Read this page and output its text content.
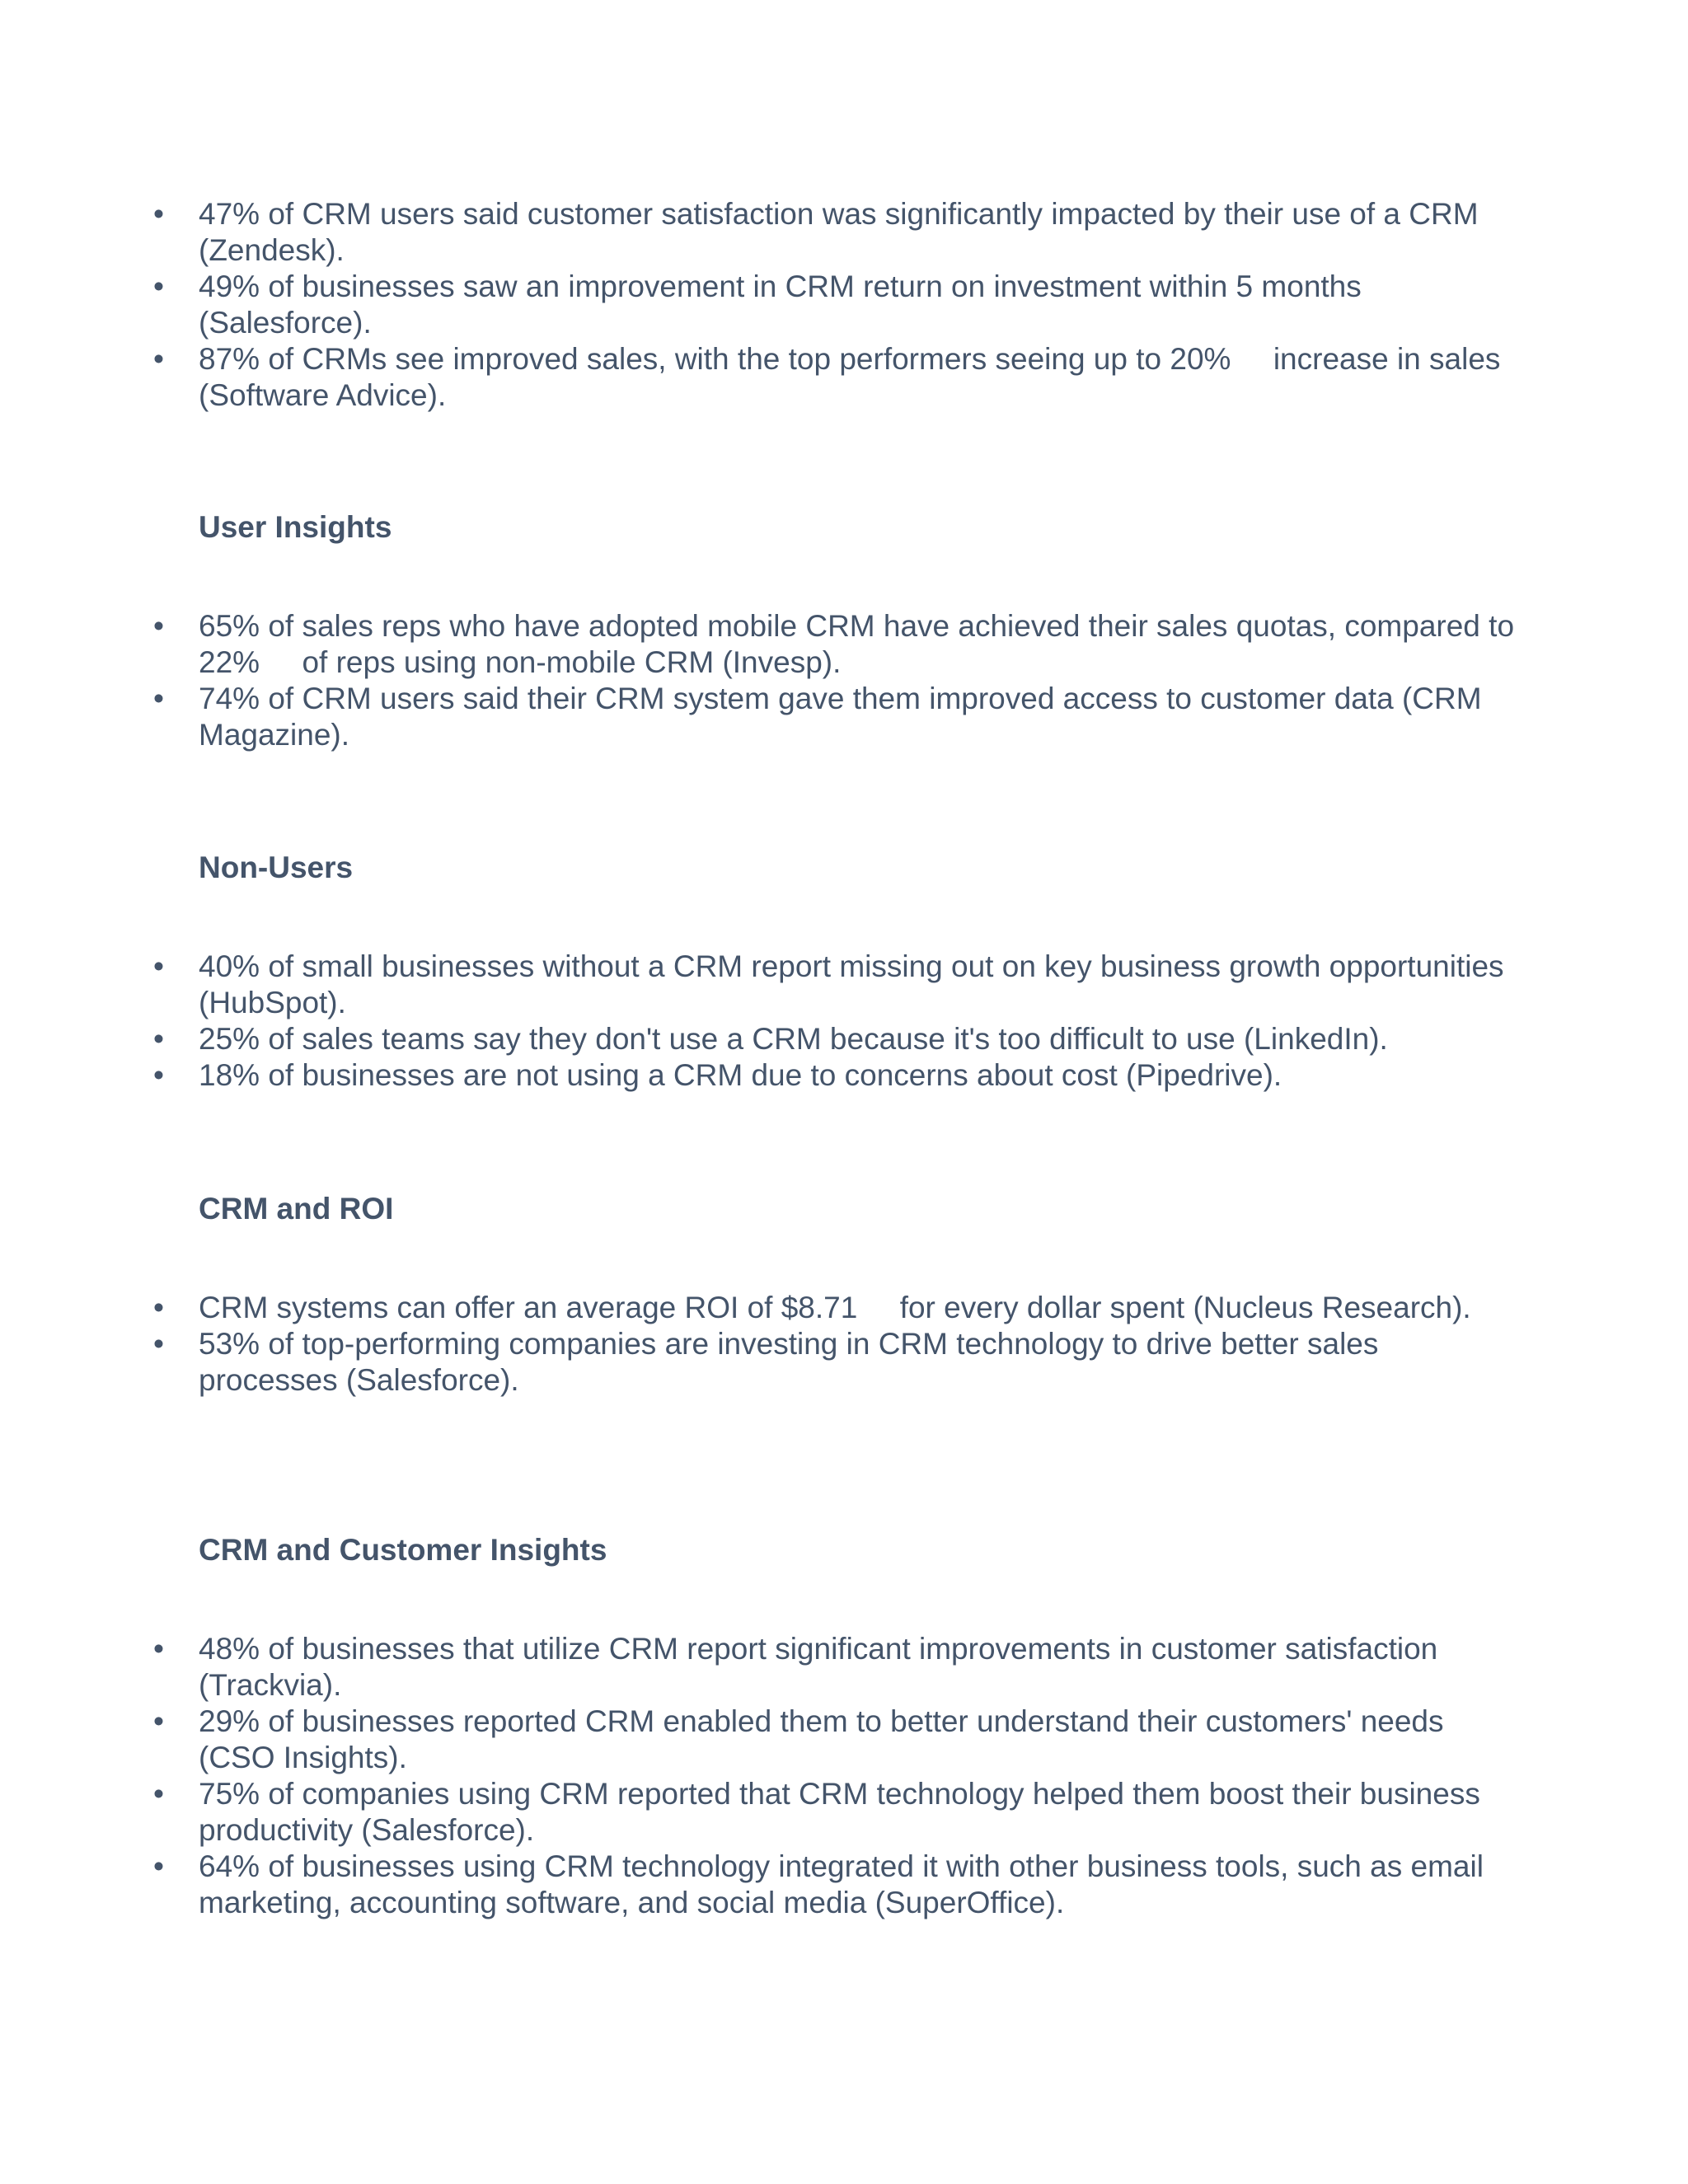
• 47% of CRM users said customer satisfaction was significantly impacted by their use of a CRM (Zendesk).
• 49% of businesses saw an improvement in CRM return on investment within 5 months (Salesforce).
• 87% of CRMs see improved sales, with the top performers seeing up to 20%     increase in sales (Software Advice).
User Insights
• 65% of sales reps who have adopted mobile CRM have achieved their sales quotas, compared to 22%     of reps using non-mobile CRM (Invesp).
• 74% of CRM users said their CRM system gave them improved access to customer data (CRM Magazine).
Non-Users
• 40% of small businesses without a CRM report missing out on key business growth opportunities (HubSpot).
• 25% of sales teams say they don't use a CRM because it's too difficult to use (LinkedIn).
• 18% of businesses are not using a CRM due to concerns about cost (Pipedrive).
CRM and ROI
• CRM systems can offer an average ROI of $8.71     for every dollar spent (Nucleus Research).
• 53% of top-performing companies are investing in CRM technology to drive better sales processes (Salesforce).
CRM and Customer Insights
• 48% of businesses that utilize CRM report significant improvements in customer satisfaction (Trackvia).
• 29% of businesses reported CRM enabled them to better understand their customers' needs (CSO Insights).
• 75% of companies using CRM reported that CRM technology helped them boost their business productivity (Salesforce).
• 64% of businesses using CRM technology integrated it with other business tools, such as email marketing, accounting software, and social media (SuperOffice).
